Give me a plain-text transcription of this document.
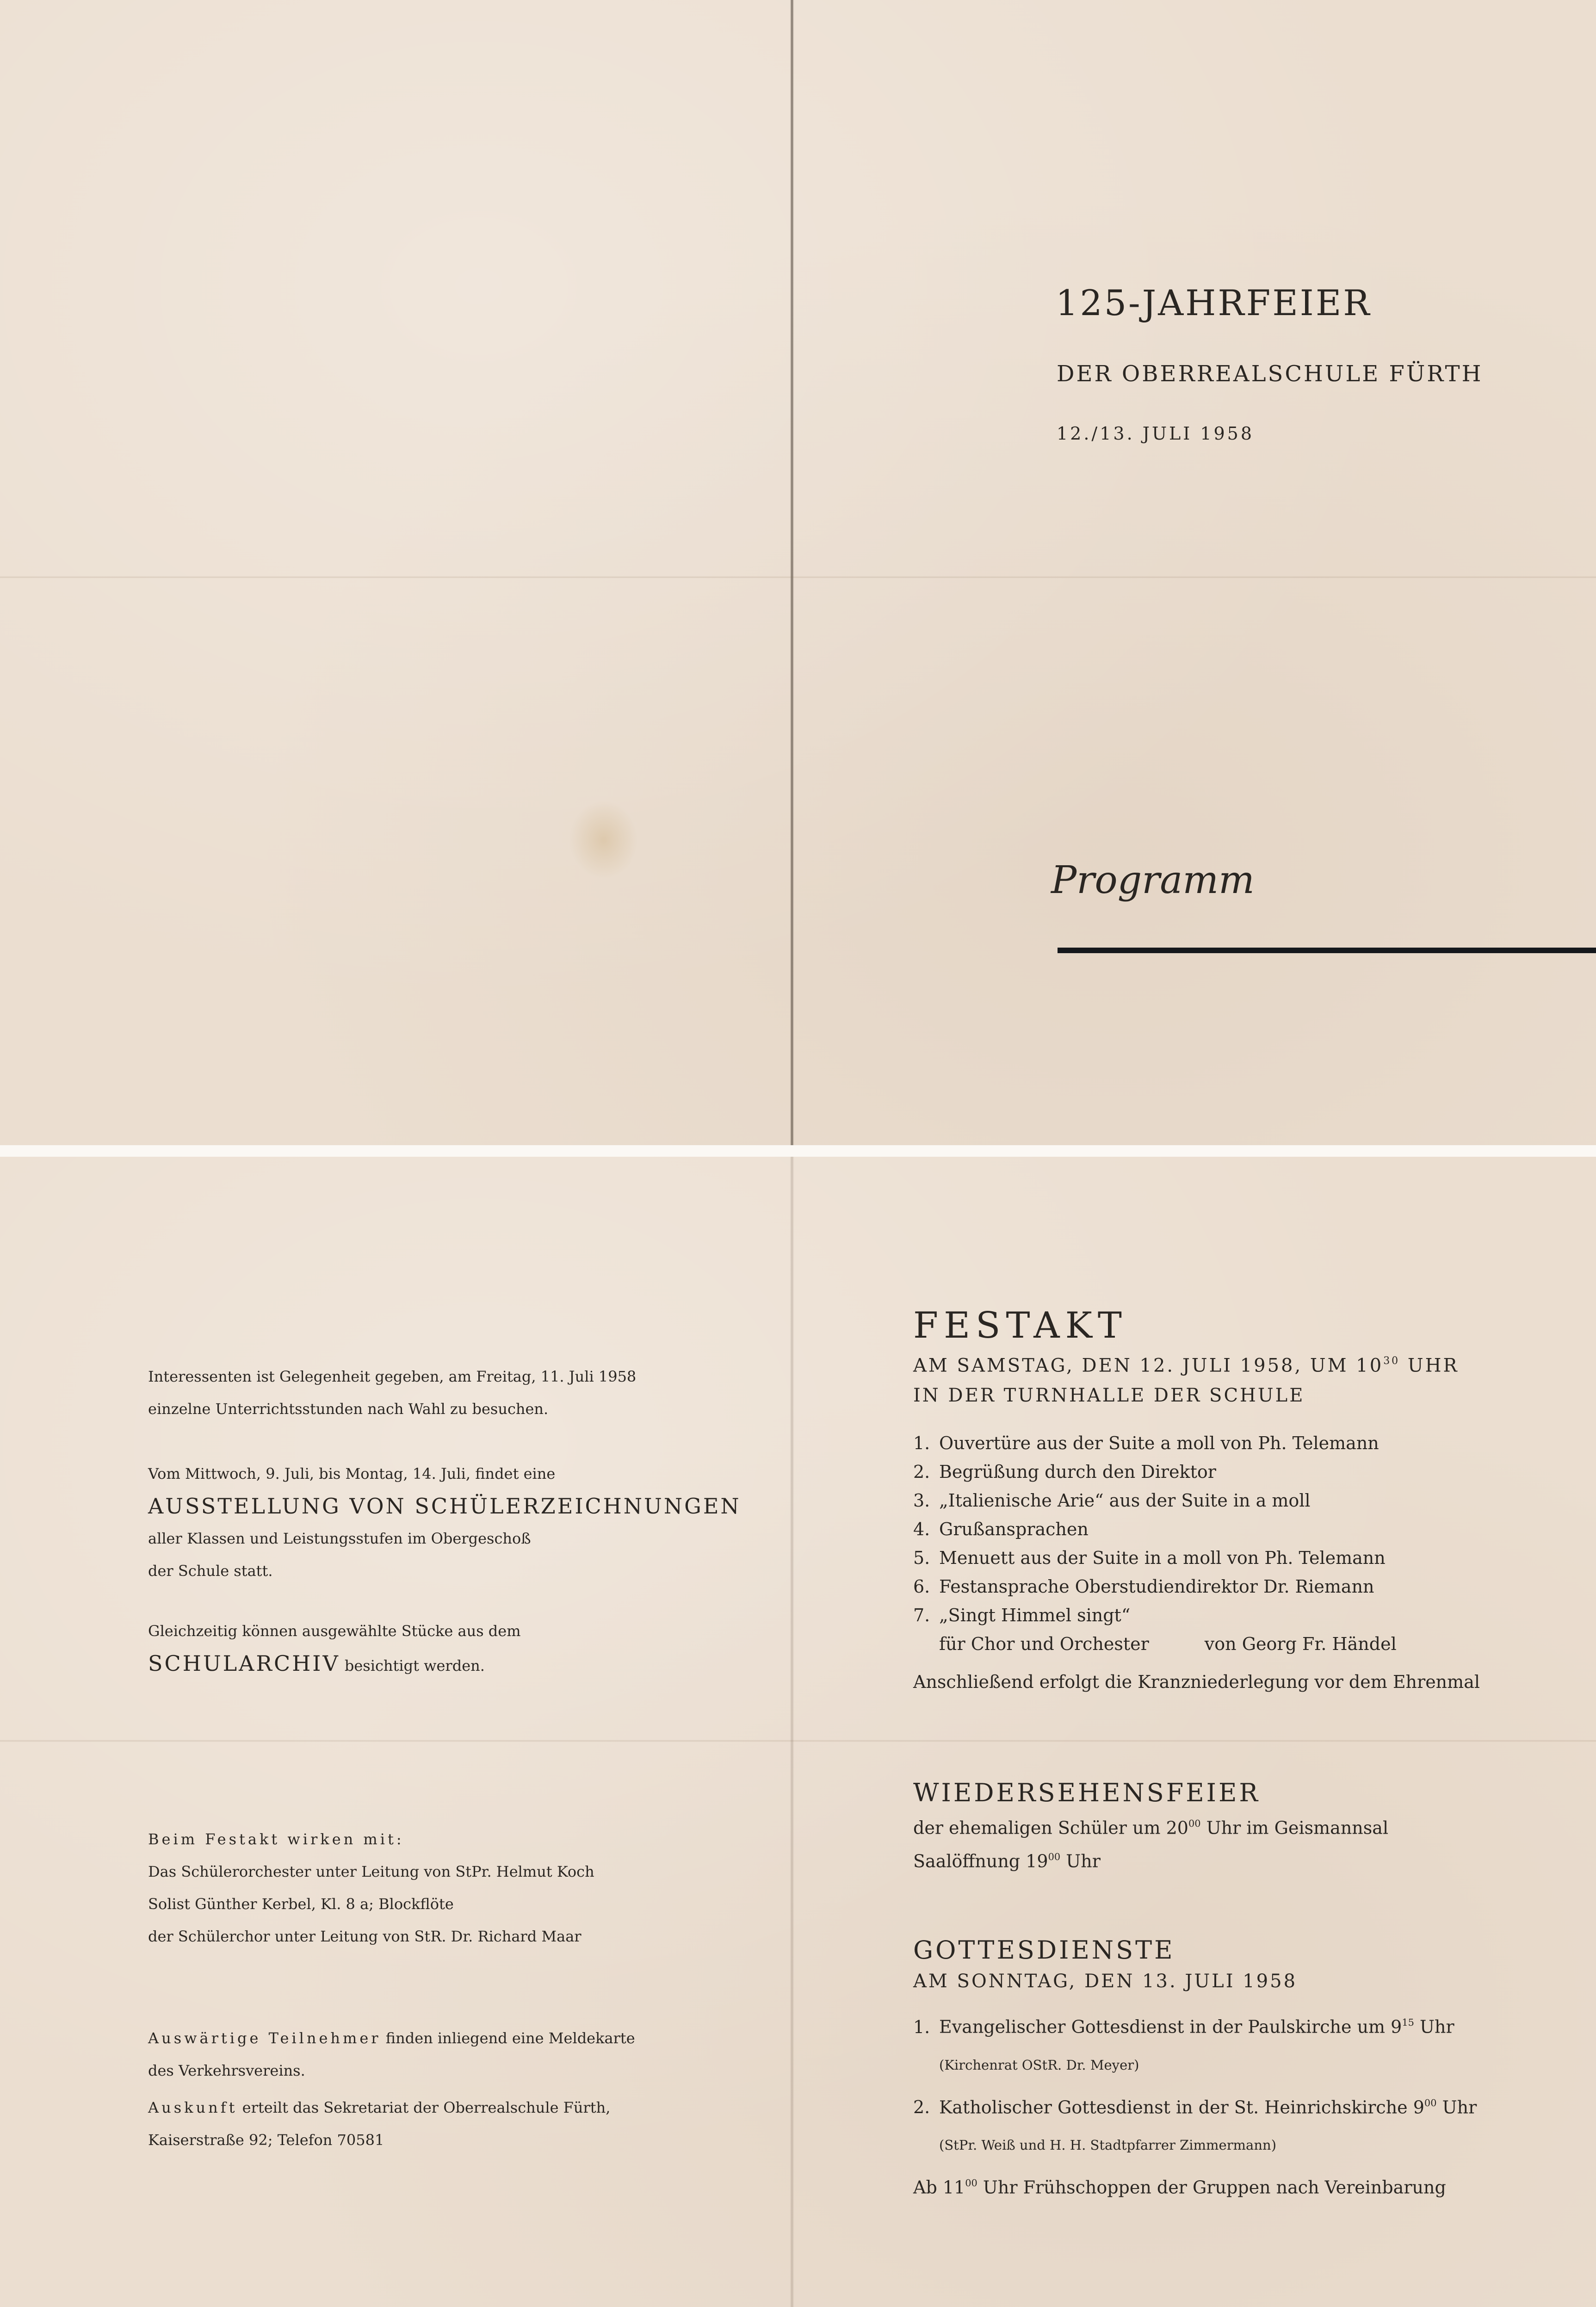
125-JAHRFEIER
DER OBERREALSCHULE FÜRTH
12./13. JULI 1958
Programm

Interessenten ist Gelegenheit gegeben, am Freitag, 11. Juli 1958

einzelne Unterrichtsstunden nach Wahl zu besuchen.

Vom Mittwoch, 9. Juli, bis Montag, 14. Juli, findet eine

AUSSTELLUNG VON SCHÜLERZEICHNUNGEN

aller Klassen und Leistungsstufen im Obergeschoß

der Schule statt.

Gleichzeitig können ausgewählte Stücke aus dem

SCHULARCHIV besichtigt werden.

Beim Festakt wirken mit:

Das Schülerorchester unter Leitung von StPr. Helmut Koch

Solist Günther Kerbel, Kl. 8 a; Blockflöte

der Schülerchor unter Leitung von StR. Dr. Richard Maar

Auswärtige Teilnehmer finden inliegend eine Meldekarte

des Verkehrsvereins.

Auskunft erteilt das Sekretariat der Oberrealschule Fürth,

Kaiserstraße 92; Telefon 70581

FESTAKT

AM SAMSTAG, DEN 12. JULI 1958, UM $10^{30}$ UHR

IN DER TURNHALLE DER SCHULE

1. Ouvertüre aus der Suite a moll von Ph. Telemann
2. Begrüßung durch den Direktor
3. „Italienische Arie“ aus der Suite in a moll
4. Grußansprachen
5. Menuett aus der Suite in a moll von Ph. Telemann
6. Festansprache Oberstudiendirektor Dr. Riemann
7. „Singt Himmel singt“
für Chor und Orchester	von Georg Fr. Händel

Anschließend erfolgt die Kranzniederlegung vor dem Ehrenmal

WIEDERSEHENSFEIER

der ehemaligen Schüler um $20^{00}$ Uhr im Geismannsal

Saalöffnung $19^{00}$ Uhr

GOTTESDIENSTE

AM SONNTAG, DEN 13. JULI 1958

1. Evangelischer Gottesdienst in der Paulskirche um $9^{15}$ Uhr

(Kirchenrat OStR. Dr. Meyer)

2. Katholischer Gottesdienst in der St. Heinrichskirche $9^{00}$ Uhr

(StPr. Weiß und H. H. Stadtpfarrer Zimmermann)

Ab $11^{00}$ Uhr Frühschoppen der Gruppen nach Vereinbarung
